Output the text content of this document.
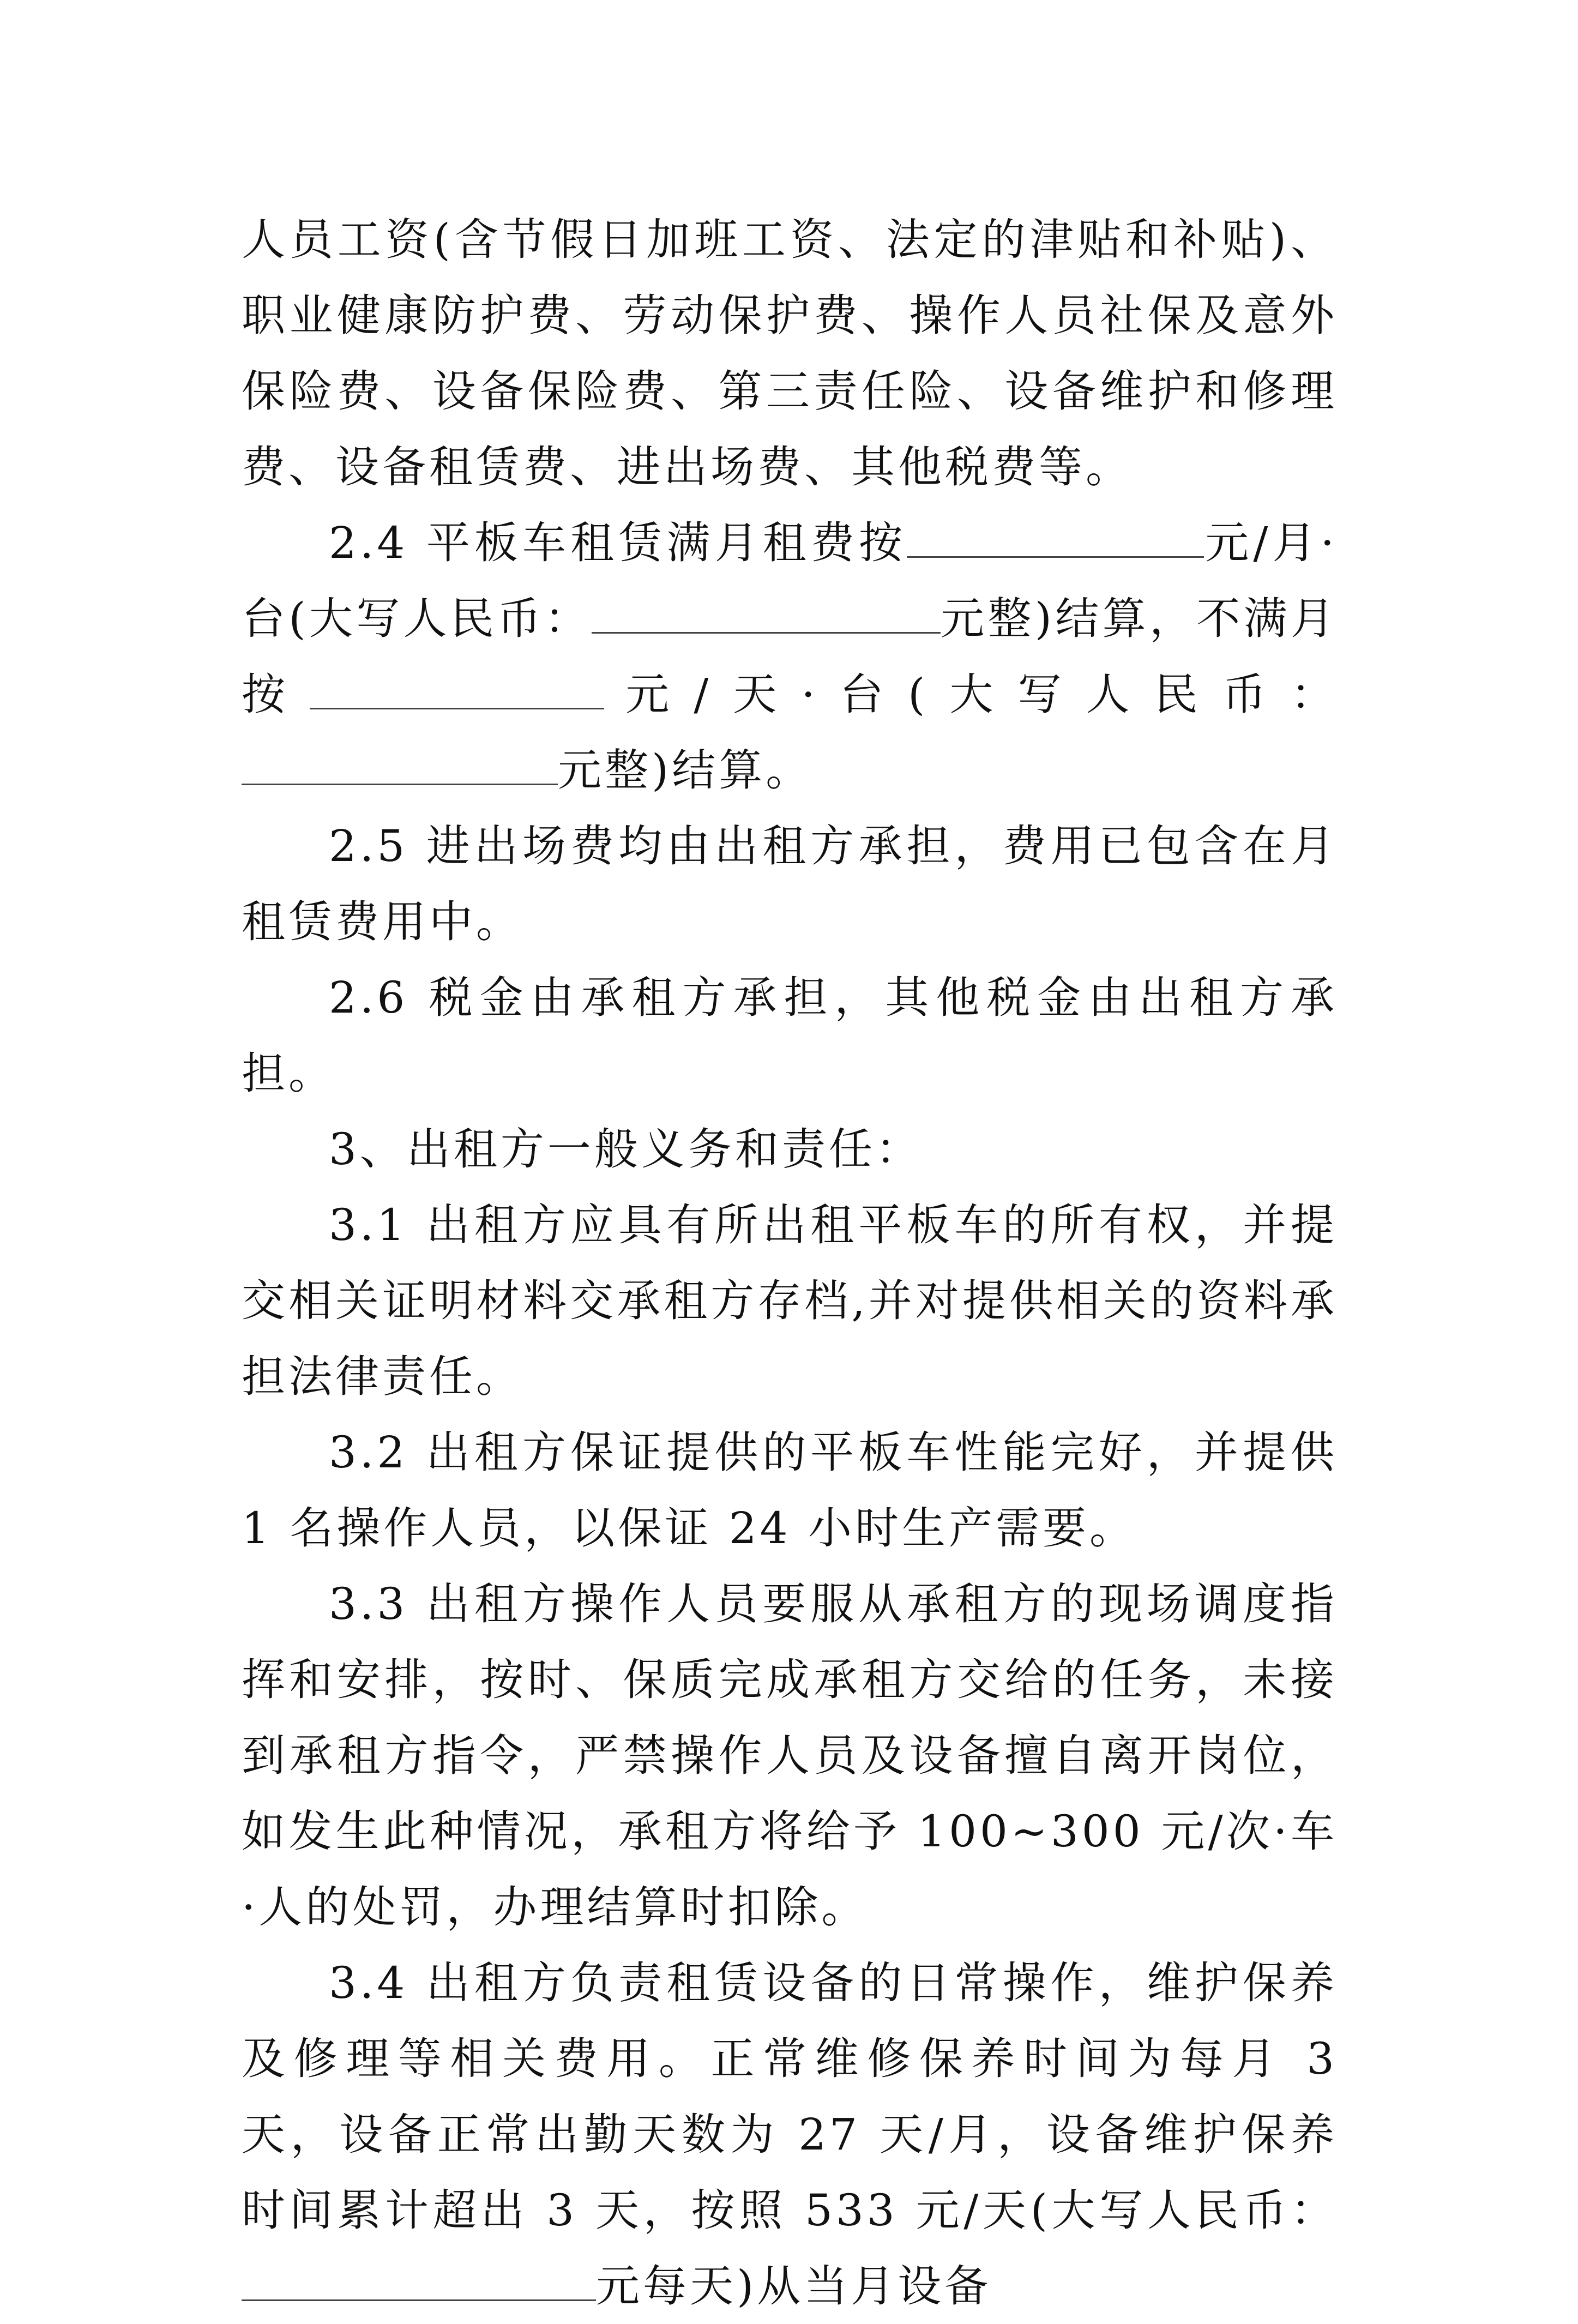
人员工资(含节假日加班工资、法定的津贴和补贴)、职业健康防护费、劳动保护费、操作人员社保及意外保险费、设备保险费、第三责任险、设备维护和修理费、设备租赁费、进出场费、其他税费等。

2.4 平板车租赁满月租费按	元/月·台(大写人民币：	元整)结算，不满月按	元/天·台(大写人民币：元整)结算。

2.5 进出场费均由出租方承担，费用已包含在月租赁费用中。

2.6 税金由承租方承担，其他税金由出租方承担。

3、出租方一般义务和责任：

3.1 出租方应具有所出租平板车的所有权，并提交相关证明材料交承租方存档,并对提供相关的资料承担法律责任。

3.2 出租方保证提供的平板车性能完好，并提供 1 名操作人员，以保证 24 小时生产需要。

3.3 出租方操作人员要服从承租方的现场调度指挥和安排，按时、保质完成承租方交给的任务，未接到承租方指令，严禁操作人员及设备擅自离开岗位，如发生此种情况，承租方将给予 100~300 元/次·车·人的处罚，办理结算时扣除。

3.4 出租方负责租赁设备的日常操作，维护保养及修理等相关费用。正常维修保养时间为每月 3 天，设备正常出勤天数为 27 天/月，设备维护保养时间累计超出 3 天，按照 533 元/天(大写人民币：元每天)从当月设备
